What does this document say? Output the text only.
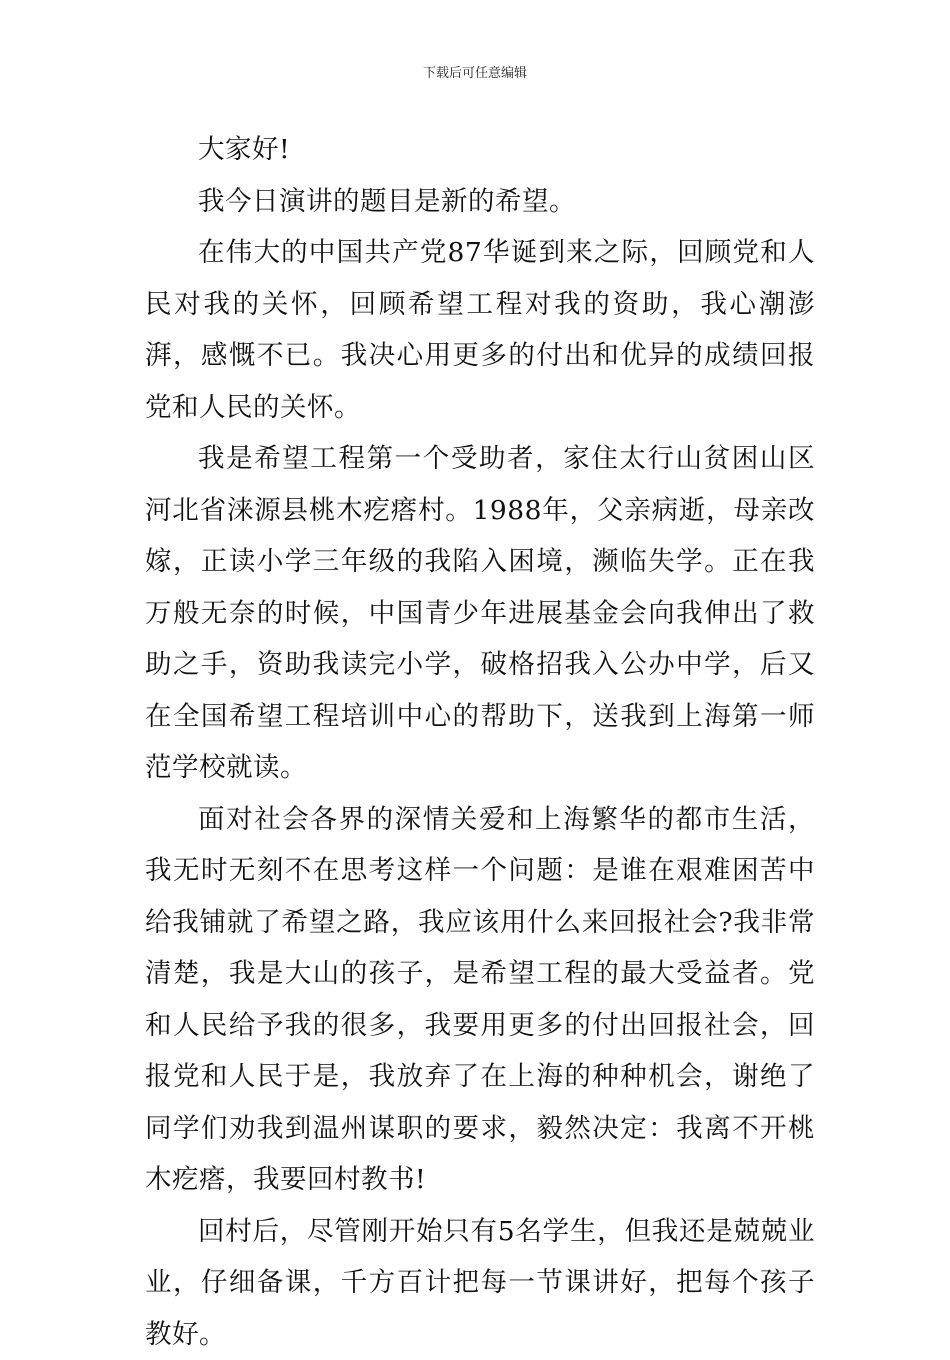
下载后可任意编辑

大家好!

我今日演讲的题目是新的希望。

在伟大的中国共产党87华诞到来之际，回顾党和人民对我的关怀，回顾希望工程对我的资助，我心潮澎湃，感慨不已。我决心用更多的付出和优异的成绩回报党和人民的关怀。

我是希望工程第一个受助者，家住太行山贫困山区河北省涞源县桃木疙瘩村。1988年，父亲病逝，母亲改嫁，正读小学三年级的我陷入困境，濒临失学。正在我万般无奈的时候，中国青少年进展基金会向我伸出了救助之手，资助我读完小学，破格招我入公办中学，后又在全国希望工程培训中心的帮助下，送我到上海第一师范学校就读。

面对社会各界的深情关爱和上海繁华的都市生活，我无时无刻不在思考这样一个问题：是谁在艰难困苦中给我铺就了希望之路，我应该用什么来回报社会?我非常清楚，我是大山的孩子，是希望工程的最大受益者。党和人民给予我的很多，我要用更多的付出回报社会，回报党和人民于是，我放弃了在上海的种种机会，谢绝了同学们劝我到温州谋职的要求，毅然决定：我离不开桃木疙瘩，我要回村教书!

回村后，尽管刚开始只有5名学生，但我还是兢兢业业，仔细备课，千方百计把每一节课讲好，把每个孩子教好。
